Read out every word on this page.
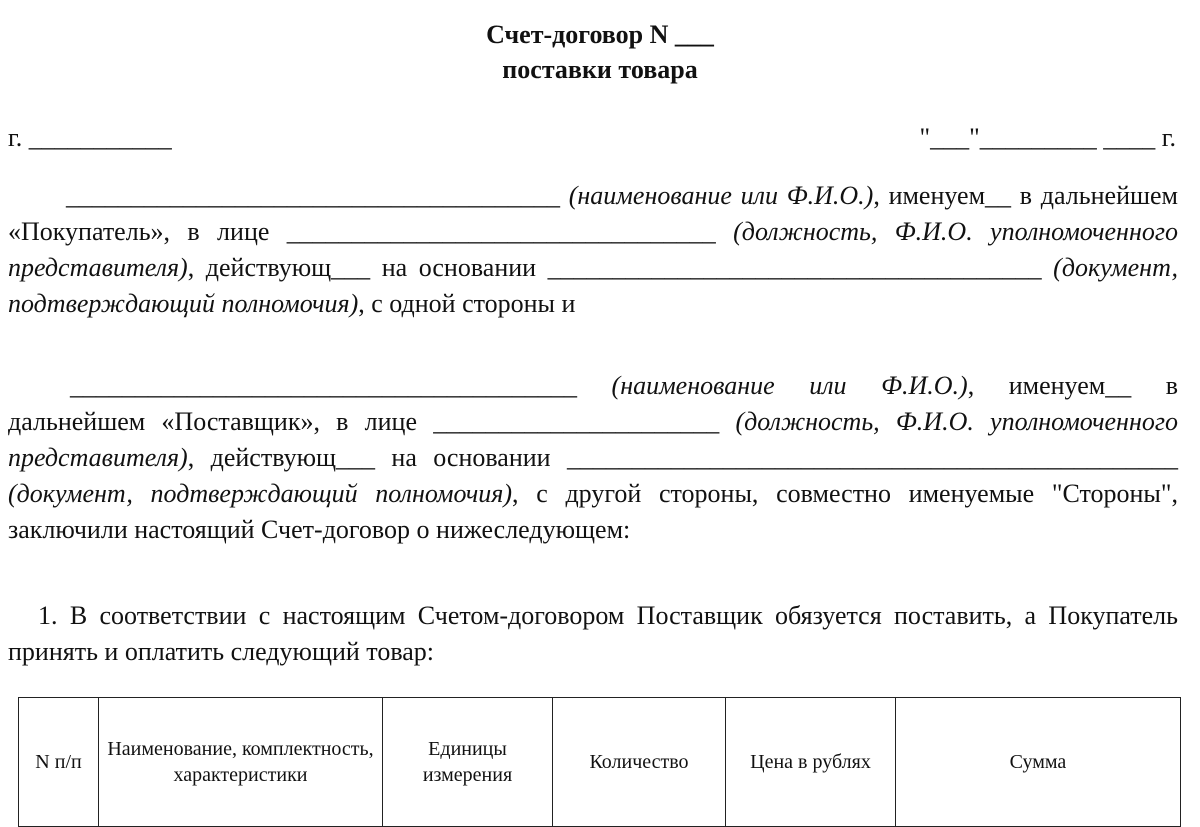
Счет-договор N ___
поставки товара
г. ___________	"___"_________ ____ г.

______________________________________ (наименование или Ф.И.О.), именуем__ в дальнейшем «Покупатель», в лице _________________________________ (должность, Ф.И.О. уполномоченного представителя), действующ___ на основании ______________________________________ (документ, подтверждающий полномочия), с одной стороны и

_______________________________________ (наименование или Ф.И.О.), именуем__ в дальнейшем «Поставщик», в лице ______________________ (должность, Ф.И.О. уполномоченного представителя), действующ___ на основании _______________________________________________ (документ, подтверждающий полномочия), с другой стороны, совместно именуемые "Стороны", заключили настоящий Счет-договор о нижеследующем:

1. В соответствии с настоящим Счетом-договором Поставщик обязуется поставить, а Покупатель принять и оплатить следующий товар:

N п/п	Наименование, комплектность, характеристики	Единицы измерения	Количество	Цена в рублях	Сумма
